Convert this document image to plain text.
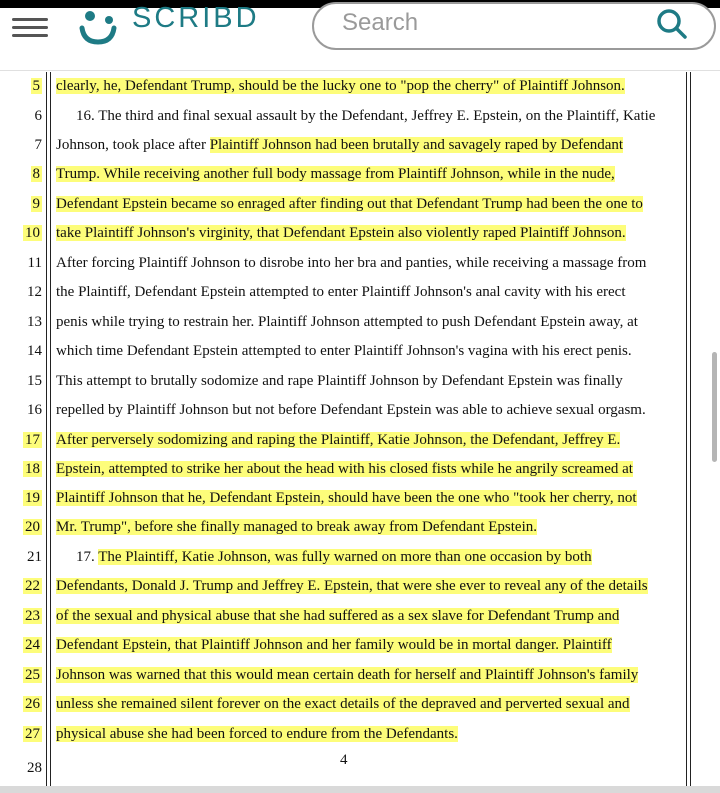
SCRIBD
Search
5 clearly, he, Defendant Trump, should be the lucky one to "pop the cherry" of Plaintiff Johnson.
6	16. The third and final sexual assault by the Defendant, Jeffrey E. Epstein, on the Plaintiff, Katie
7 Johnson, took place after Plaintiff Johnson had been brutally and savagely raped by Defendant
8 Trump. While receiving another full body massage from Plaintiff Johnson, while in the nude,
9 Defendant Epstein became so enraged after finding out that Defendant Trump had been the one to
10 take Plaintiff Johnson's virginity, that Defendant Epstein also violently raped Plaintiff Johnson.
11 After forcing Plaintiff Johnson to disrobe into her bra and panties, while receiving a massage from
12 the Plaintiff, Defendant Epstein attempted to enter Plaintiff Johnson's anal cavity with his erect
13 penis while trying to restrain her. Plaintiff Johnson attempted to push Defendant Epstein away, at
14 which time Defendant Epstein attempted to enter Plaintiff Johnson's vagina with his erect penis.
15 This attempt to brutally sodomize and rape Plaintiff Johnson by Defendant Epstein was finally
16 repelled by Plaintiff Johnson but not before Defendant Epstein was able to achieve sexual orgasm.
17 After perversely sodomizing and raping the Plaintiff, Katie Johnson, the Defendant, Jeffrey E.
18 Epstein, attempted to strike her about the head with his closed fists while he angrily screamed at
19 Plaintiff Johnson that he, Defendant Epstein, should have been the one who "took her cherry, not
20 Mr. Trump", before she finally managed to break away from Defendant Epstein.
21	17. The Plaintiff, Katie Johnson, was fully warned on more than one occasion by both
22 Defendants, Donald J. Trump and Jeffrey E. Epstein, that were she ever to reveal any of the details
23 of the sexual and physical abuse that she had suffered as a sex slave for Defendant Trump and
24 Defendant Epstein, that Plaintiff Johnson and her family would be in mortal danger. Plaintiff
25 Johnson was warned that this would mean certain death for herself and Plaintiff Johnson's family
26 unless she remained silent forever on the exact details of the depraved and perverted sexual and
27 physical abuse she had been forced to endure from the Defendants.
28	4
